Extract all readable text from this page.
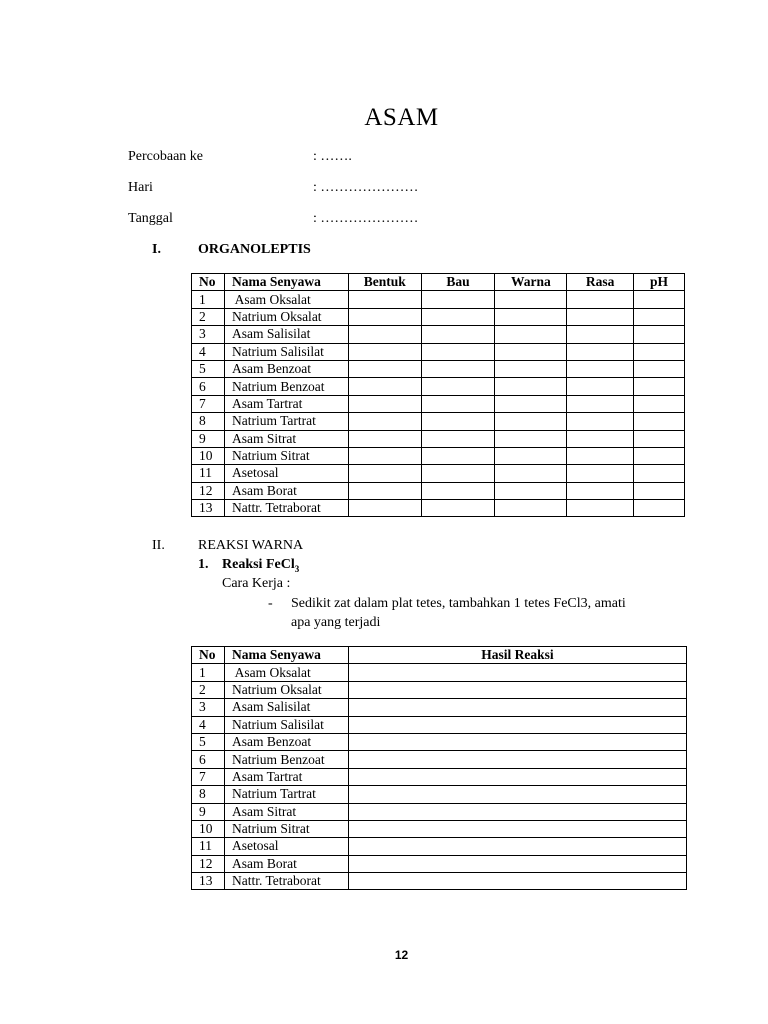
ASAM
Percobaan ke	: …….
Hari	: …………………
Tanggal	: …………………
I.	ORGANOLEPTIS
No	Nama Senyawa	Bentuk	Bau	Warna	Rasa	pH
1	Asam Oksalat					
2	Natrium Oksalat					
3	Asam Salisilat					
4	Natrium Salisilat					
5	Asam Benzoat					
6	Natrium Benzoat					
7	Asam Tartrat					
8	Natrium Tartrat					
9	Asam Sitrat					
10	Natrium Sitrat					
11	Asetosal					
12	Asam Borat					
13	Nattr. Tetraborat					
II. REAKSI WARNA
1. Reaksi FeCl$_3$
Cara Kerja :
- Sedikit zat dalam plat tetes, tambahkan 1 tetes FeCl3, amati
apa yang terjadi
No	Nama Senyawa	Hasil Reaksi
1	Asam Oksalat	
2	Natrium Oksalat	
3	Asam Salisilat	
4	Natrium Salisilat	
5	Asam Benzoat	
6	Natrium Benzoat	
7	Asam Tartrat	
8	Natrium Tartrat	
9	Asam Sitrat	
10	Natrium Sitrat	
11	Asetosal	
12	Asam Borat	
13	Nattr. Tetraborat	
12
